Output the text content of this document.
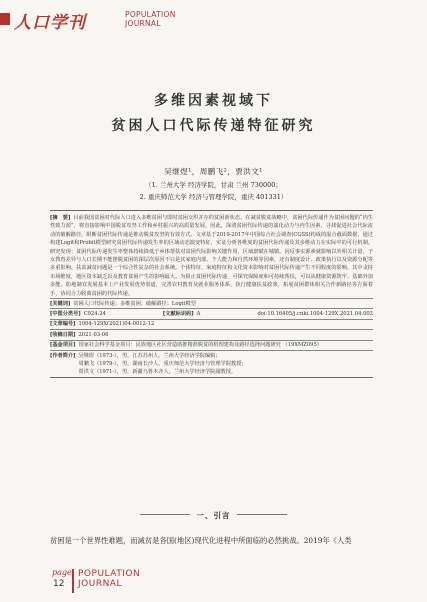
人口学刊	POPULATION
JOURNAL
多维因素视域下
贫困人口代际传递特征研究
吴继煜¹，周鹏飞²，贾洪文¹
（1. 兰州大学 经济学院，甘肃 兰州 730000；
2. 重庆师范大学 经济与管理学院，重庆 401331）
[摘　要] 目前我国贫困对代际人口进入多维贫困与即时贫困交织并存的贫困新状态。在减贫脱贫战略中，贫困代际传递作为贫困问题的“内生性致力源”，将直接影响中国脱贫攻坚工作和乡村振兴的高质量发展。因此，深清贫困代际传递的演化动力与内生因素，寻找促进社会代际流动的破解路径，阻断贫困代际传递是推动脱贫攻坚的有效方式。文章基于2010-2017年中国综合社会调查(CGSS)构成的混合截面数据，通过构建Logit和Probit模型研究贫困代际传递发生率的区域动态演变特征，实证分析各维度的贫困代际传递及其多维动力在实际中的可行机制。研究发现：贫困代际传递发生率整体持续降低于乡体帮扶对贫困代际影响关键作用，区域禀赋在城镇。因反事实源素就影响以外相关计量，子女教育差异与人口长期不能摆脱贫困的深层次原因不只是其家庭内部、个人能力和自然环境等因素，还有制度设计、政策执行以及资源分配等多重影响。扶贫减贫问题是一个综合性复杂的社会系统。个体特征、家庭特征和文化资本影响对贫困代际传递产生不同程度的影响，其中支持市场维度，地区资本缺乏以及教育贫困产生的影响最大。为阻止贫困代际传递，可探究保障度和可持续帮扶，可以从健康资源筑牢、基础外加多能、防地制宜发展基本上产业发展优势渠道，完善农村教育及就业服务体系，执行健康扶贫政策，拓展贫困群体相关合作新路径等方面着手，协同合力脱离贫困的代际传递。
[关键词] 贫困人口代际传递；多维贫困；破解路径；Logit模型
[中图分类号] C924.24	[文献标识码] A	doi: 10.16405/j.cnki.1004-129X.2021.04.002
[文章编号] 1004-129X(2021)04-0012-12
[收稿日期] 2021-03-06
[基金项目] 国家社会科学基金项目：民族地区社区营造助推精准脱贫的机理建构及路径选择问题研究 （19XMZ095）
[作者简介] 吴继煜（1973-），男，江苏苏州人，兰州大学经济学院编辑；
周鹏飞（1979-），男，湖南长沙人，重庆师范大学经济与管理学院教授；
贾洪文（1971-），男，新疆乌鲁木齐人，兰州大学经济学院副教授。
一、引言
贫困是一个世界性难题，而减贫是各国(地区)现代化进程中所面临的必然挑战。2019年《人类
page
12
POPULATION
JOURNAL
